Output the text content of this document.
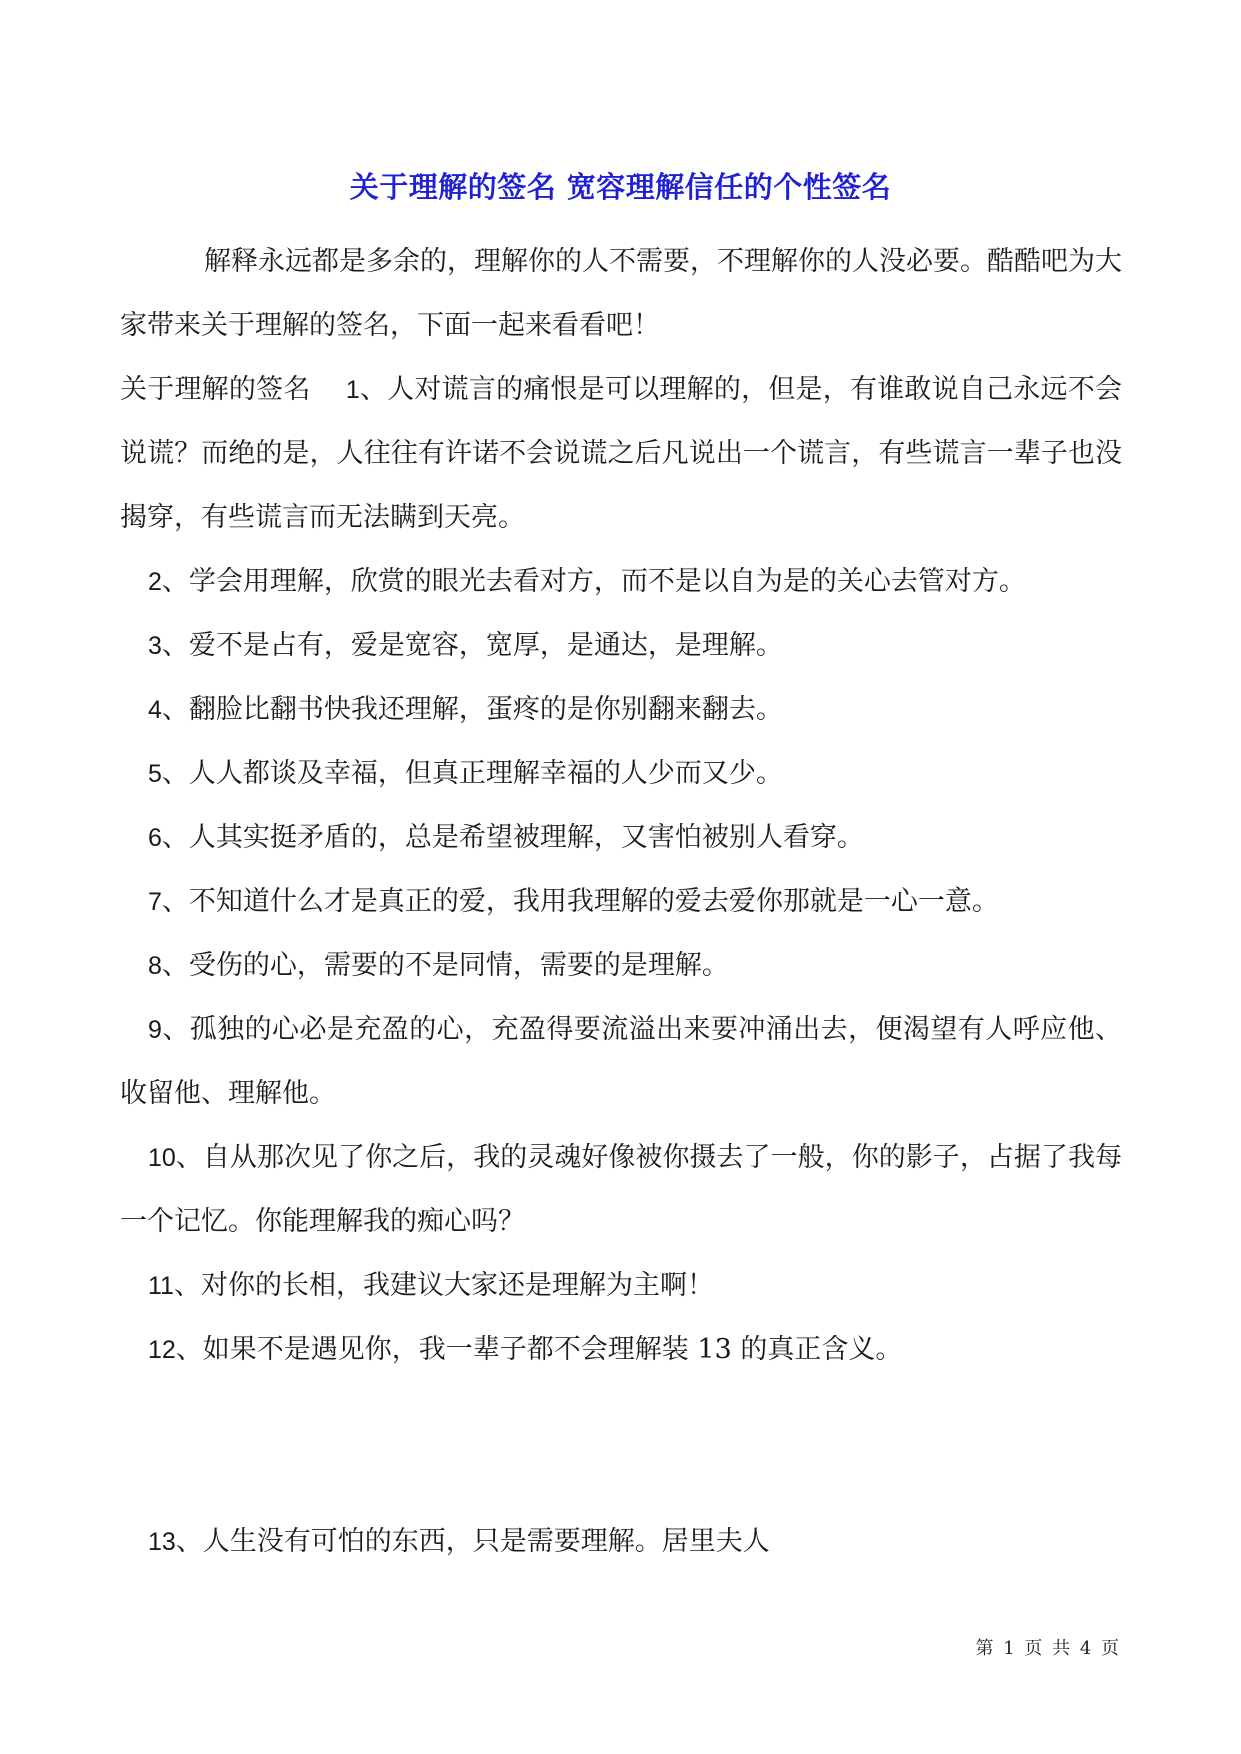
关于理解的签名 宽容理解信任的个性签名

解释永远都是多余的，理解你的人不需要，不理解你的人没必要。酷酷吧为大家带来关于理解的签名，下面一起来看看吧！

关于理解的签名 1、人对谎言的痛恨是可以理解的，但是，有谁敢说自己永远不会说谎？而绝的是，人往往有许诺不会说谎之后凡说出一个谎言，有些谎言一辈子也没揭穿，有些谎言而无法瞒到天亮。

2、学会用理解，欣赏的眼光去看对方，而不是以自为是的关心去管对方。

3、爱不是占有，爱是宽容，宽厚，是通达，是理解。

4、翻脸比翻书快我还理解，蛋疼的是你别翻来翻去。

5、人人都谈及幸福，但真正理解幸福的人少而又少。

6、人其实挺矛盾的，总是希望被理解，又害怕被别人看穿。

7、不知道什么才是真正的爱，我用我理解的爱去爱你那就是一心一意。

8、受伤的心，需要的不是同情，需要的是理解。

9、孤独的心必是充盈的心，充盈得要流溢出来要冲涌出去，便渴望有人呼应他、收留他、理解他。

10、自从那次见了你之后，我的灵魂好像被你摄去了一般，你的影子，占据了我每一个记忆。你能理解我的痴心吗？

11、对你的长相，我建议大家还是理解为主啊！

12、如果不是遇见你，我一辈子都不会理解装 13 的真正含义。

13、人生没有可怕的东西，只是需要理解。居里夫人

第 1 页 共 4 页
